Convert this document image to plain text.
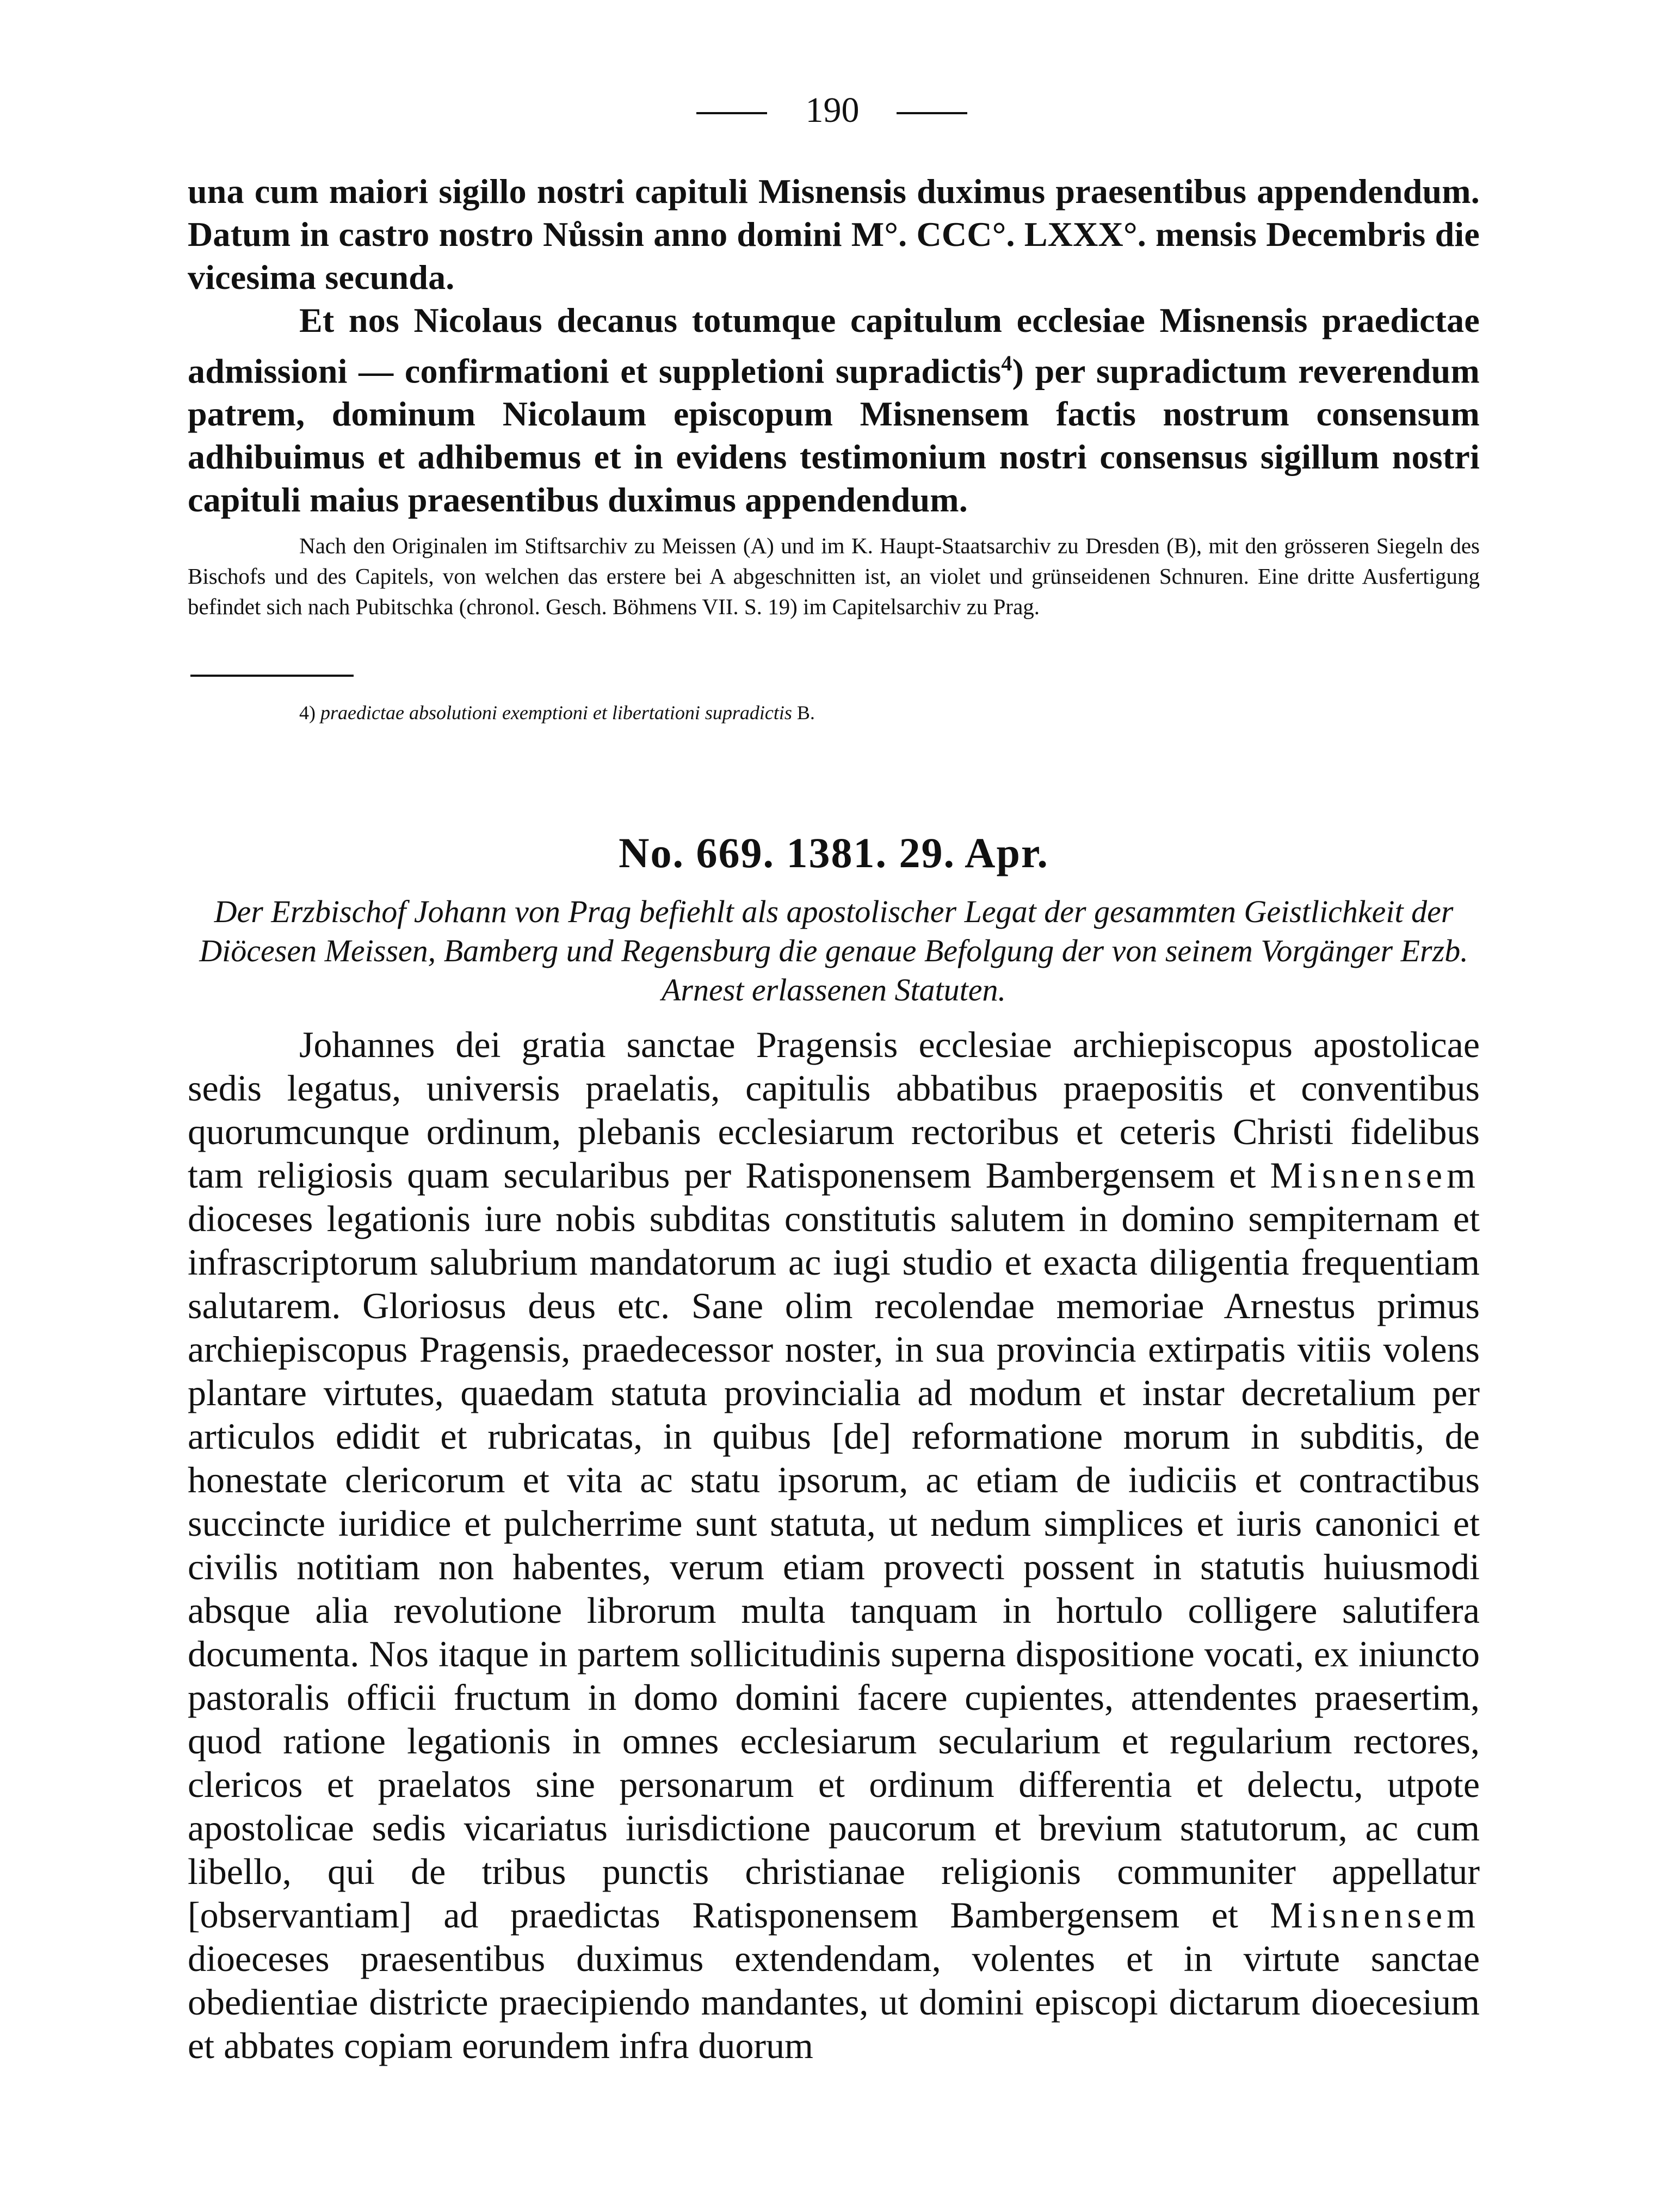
190

una cum maiori sigillo nostri capituli Misnensis duximus praesentibus appendendum. Datum in castro nostro Nůssin anno domini M°. CCC°. LXXX°. mensis Decembris die vicesima secunda.

Et nos Nicolaus decanus totumque capitulum ecclesiae Misnensis praedictae admissioni — confirmationi et suppletioni supradictis$^4$) per supradictum reverendum patrem, dominum Nicolaum episcopum Misnensem factis nostrum consensum adhibuimus et adhibemus et in evidens testimonium nostri consensus sigillum nostri capituli maius praesentibus duximus appendendum.

Nach den Originalen im Stiftsarchiv zu Meissen (A) und im K. Haupt-Staatsarchiv zu Dresden (B), mit den grösseren Siegeln des Bischofs und des Capitels, von welchen das erstere bei A abgeschnitten ist, an violet und grünseidenen Schnuren. Eine dritte Ausfertigung befindet sich nach Pubitschka (chronol. Gesch. Böhmens VII. S. 19) im Capitelsarchiv zu Prag.

4) praedictae absolutioni exemptioni et libertationi supradictis B.

No. 669. 1381. 29. Apr.

Der Erzbischof Johann von Prag befiehlt als apostolischer Legat der gesammten Geistlichkeit der Diöcesen Meissen, Bamberg und Regensburg die genaue Befolgung der von seinem Vorgänger Erzb. Arnest erlassenen Statuten.

Johannes dei gratia sanctae Pragensis ecclesiae archiepiscopus apostolicae sedis legatus, universis praelatis, capitulis abbatibus praepositis et conventibus quorumcunque ordinum, plebanis ecclesiarum rectoribus et ceteris Christi fidelibus tam religiosis quam secularibus per Ratisponensem Bambergensem et Misnensem dioceses legationis iure nobis subditas constitutis salutem in domino sempiternam et infrascriptorum salubrium mandatorum ac iugi studio et exacta diligentia frequentiam salutarem. Gloriosus deus etc. Sane olim recolendae memoriae Arnestus primus archiepiscopus Pragensis, praedecessor noster, in sua provincia extirpatis vitiis volens plantare virtutes, quaedam statuta provincialia ad modum et instar decretalium per articulos edidit et rubricatas, in quibus [de] reformatione morum in subditis, de honestate clericorum et vita ac statu ipsorum, ac etiam de iudiciis et contractibus succincte iuridice et pulcherrime sunt statuta, ut nedum simplices et iuris canonici et civilis notitiam non habentes, verum etiam provecti possent in statutis huiusmodi absque alia revolutione librorum multa tanquam in hortulo colligere salutifera documenta. Nos itaque in partem sollicitudinis superna dispositione vocati, ex iniuncto pastoralis officii fructum in domo domini facere cupientes, attendentes praesertim, quod ratione legationis in omnes ecclesiarum secularium et regularium rectores, clericos et praelatos sine personarum et ordinum differentia et delectu, utpote apostolicae sedis vicariatus iurisdictione paucorum et brevium statutorum, ac cum libello, qui de tribus punctis christianae religionis communiter appellatur [observantiam] ad praedictas Ratisponensem Bambergensem et Misnensem dioeceses praesentibus duximus extendendam, volentes et in virtute sanctae obedientiae districte praecipiendo mandantes, ut domini episcopi dictarum dioecesium et abbates copiam eorundem infra duorum
